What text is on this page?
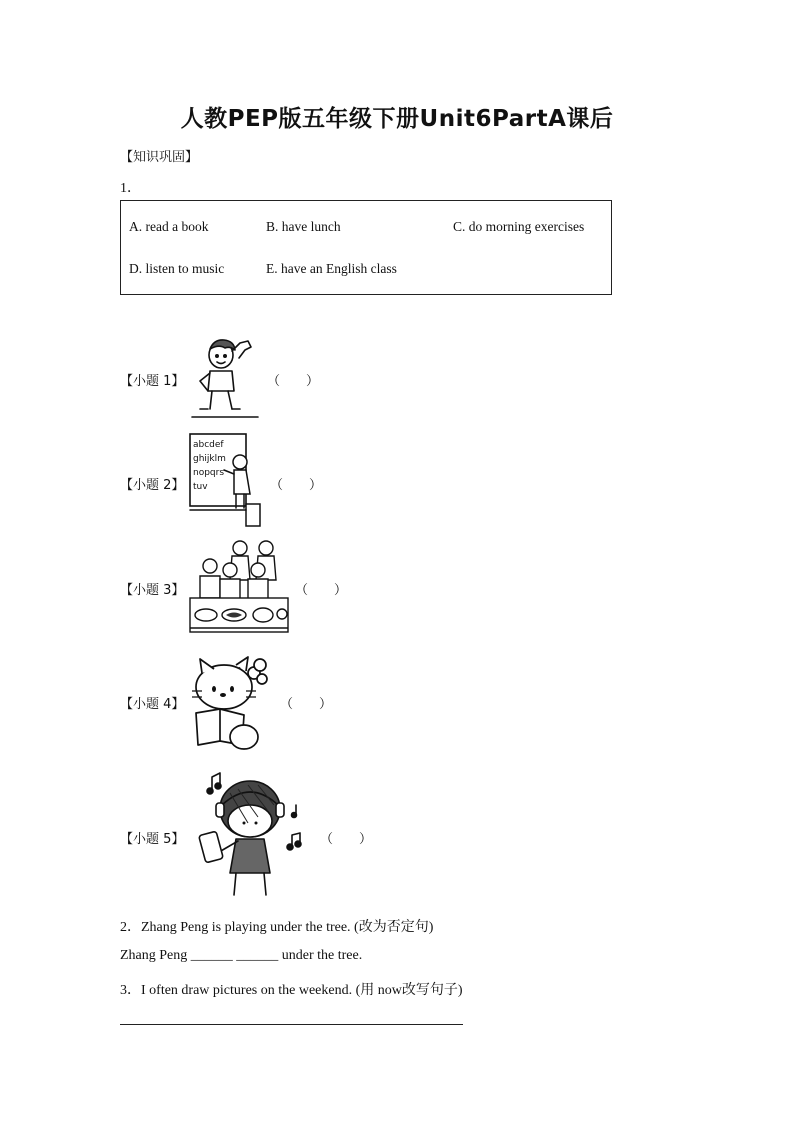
人教PEP版五年级下册Unit6PartA课后
【知识巩固】
1．
A. read a book	B. have lunch	C. do morning exercises
D. listen to music	E. have an English class
【小题 1】	（　　）
【小题 2】
abcdef
ghijklm
nopqrs
tuv	（　　）
【小题 3】	（　　）
【小题 4】	（　　）
【小题 5】	（　　）
2．Zhang Peng is playing under the tree. (改为否定句)
Zhang Peng ______ ______ under the tree.
3．I often draw pictures on the weekend. (用 now改写句子)
